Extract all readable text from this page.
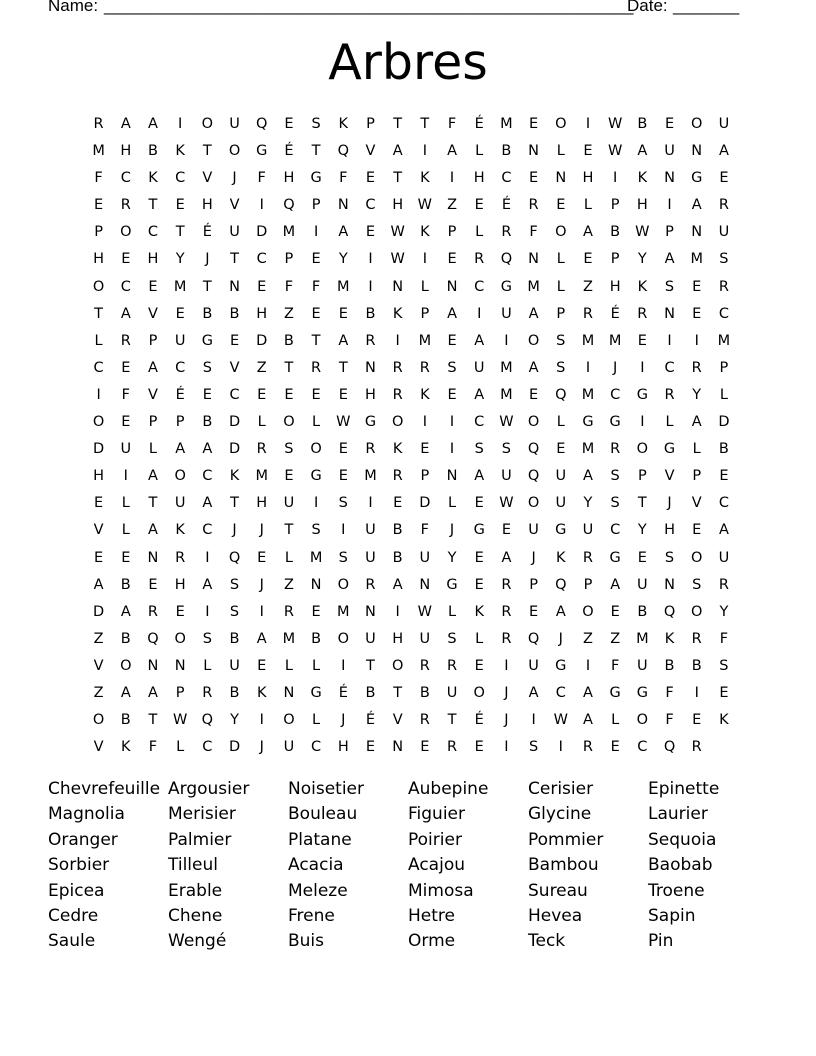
Name: ________________________________________________________
Date: _______
Arbres
R	A	A	I	O	U	Q	E	S	K	P	T	T	F	É	M	E	O	I	W	B	E	O	U
M	H	B	K	T	O	G	É	T	Q	V	A	I	A	L	B	N	L	E	W	A	U	N	A
F	C	K	C	V	J	F	H	G	F	E	T	K	I	H	C	E	N	H	I	K	N	G	E
E	R	T	E	H	V	I	Q	P	N	C	H	W	Z	E	É	R	E	L	P	H	I	A	R
P	O	C	T	É	U	D	M	I	A	E	W	K	P	L	R	F	O	A	B	W	P	N	U
H	E	H	Y	J	T	C	P	E	Y	I	W	I	E	R	Q	N	L	E	P	Y	A	M	S
O	C	E	M	T	N	E	F	F	M	I	N	L	N	C	G	M	L	Z	H	K	S	E	R
T	A	V	E	B	B	H	Z	E	E	B	K	P	A	I	U	A	P	R	É	R	N	E	C
L	R	P	U	G	E	D	B	T	A	R	I	M	E	A	I	O	S	M	M	E	I	I	M
C	E	A	C	S	V	Z	T	R	T	N	R	R	S	U	M	A	S	I	J	I	C	R	P
I	F	V	É	E	C	E	E	E	E	H	R	K	E	A	M	E	Q	M	C	G	R	Y	L
O	E	P	P	B	D	L	O	L	W G	O	I	I	C	W O	L	G	G	I	L	A	D
D	U	L	A	A	D	R	S	O	E	R	K	E	I	S	S	Q	E	M	R	O	G	L	B
H	I	A	O	C	K	M	E	G	E	M	R	P	N	A	U	Q	U	A	S	P	V	P	E
E	L	T	U	A	T	H	U	I	S	I	E	D	L	E	W O	U	Y	S	T	J	V	C
V	L	A	K	C	J	J	T	S	I	U	B	F	J	G	E	U	G	U	C	Y	H	E	A
E	E	N	R	I	Q	E	L	M	S	U	B	U	Y	E	A	J	K	R	G	E	S	O	U
A	B	E	H	A	S	J	Z	N	O	R	A	N	G	E	R	P	Q	P	A	U	N	S	R
D	A	R	E	I	S	I	R	E	M	N	I	W	L	K	R	E	A	O	E	B	Q	O	Y
Z	B	Q	O	S	B	A	M	B	O	U	H	U	S	L	R	Q	J	Z	Z	M	K	R	F
V	O	N	N	L	U	E	L	L	I	T	O	R	R	E	I	U	G	I	F	U	B	B	S
Z	A	A	P	R	B	K	N	G	É	B	T	B	U	O	J	A	C	A	G	G	F	I	E
O	B	T	W Q	Y	I	O	L	J	É	V	R	T	É	J	I	W	A	L	O	F	E	K
V	K	F	L	C	D	J	U	C	H	E	N	E	R	E	I	S	I	R	E	C	Q	R
Chevrefeuille Argousier	Noisetier	Aubepine	Cerisier	Epinette
Magnolia	Merisier	Bouleau	Figuier	Glycine	Laurier
Oranger	Palmier	Platane	Poirier	Pommier	Sequoia
Sorbier	Tilleul	Acacia	Acajou	Bambou	Baobab
Epicea	Erable	Meleze	Mimosa	Sureau	Troene
Cedre	Chene	Frene	Hetre	Hevea	Sapin
Saule	Wengé	Buis	Orme	Teck	Pin
